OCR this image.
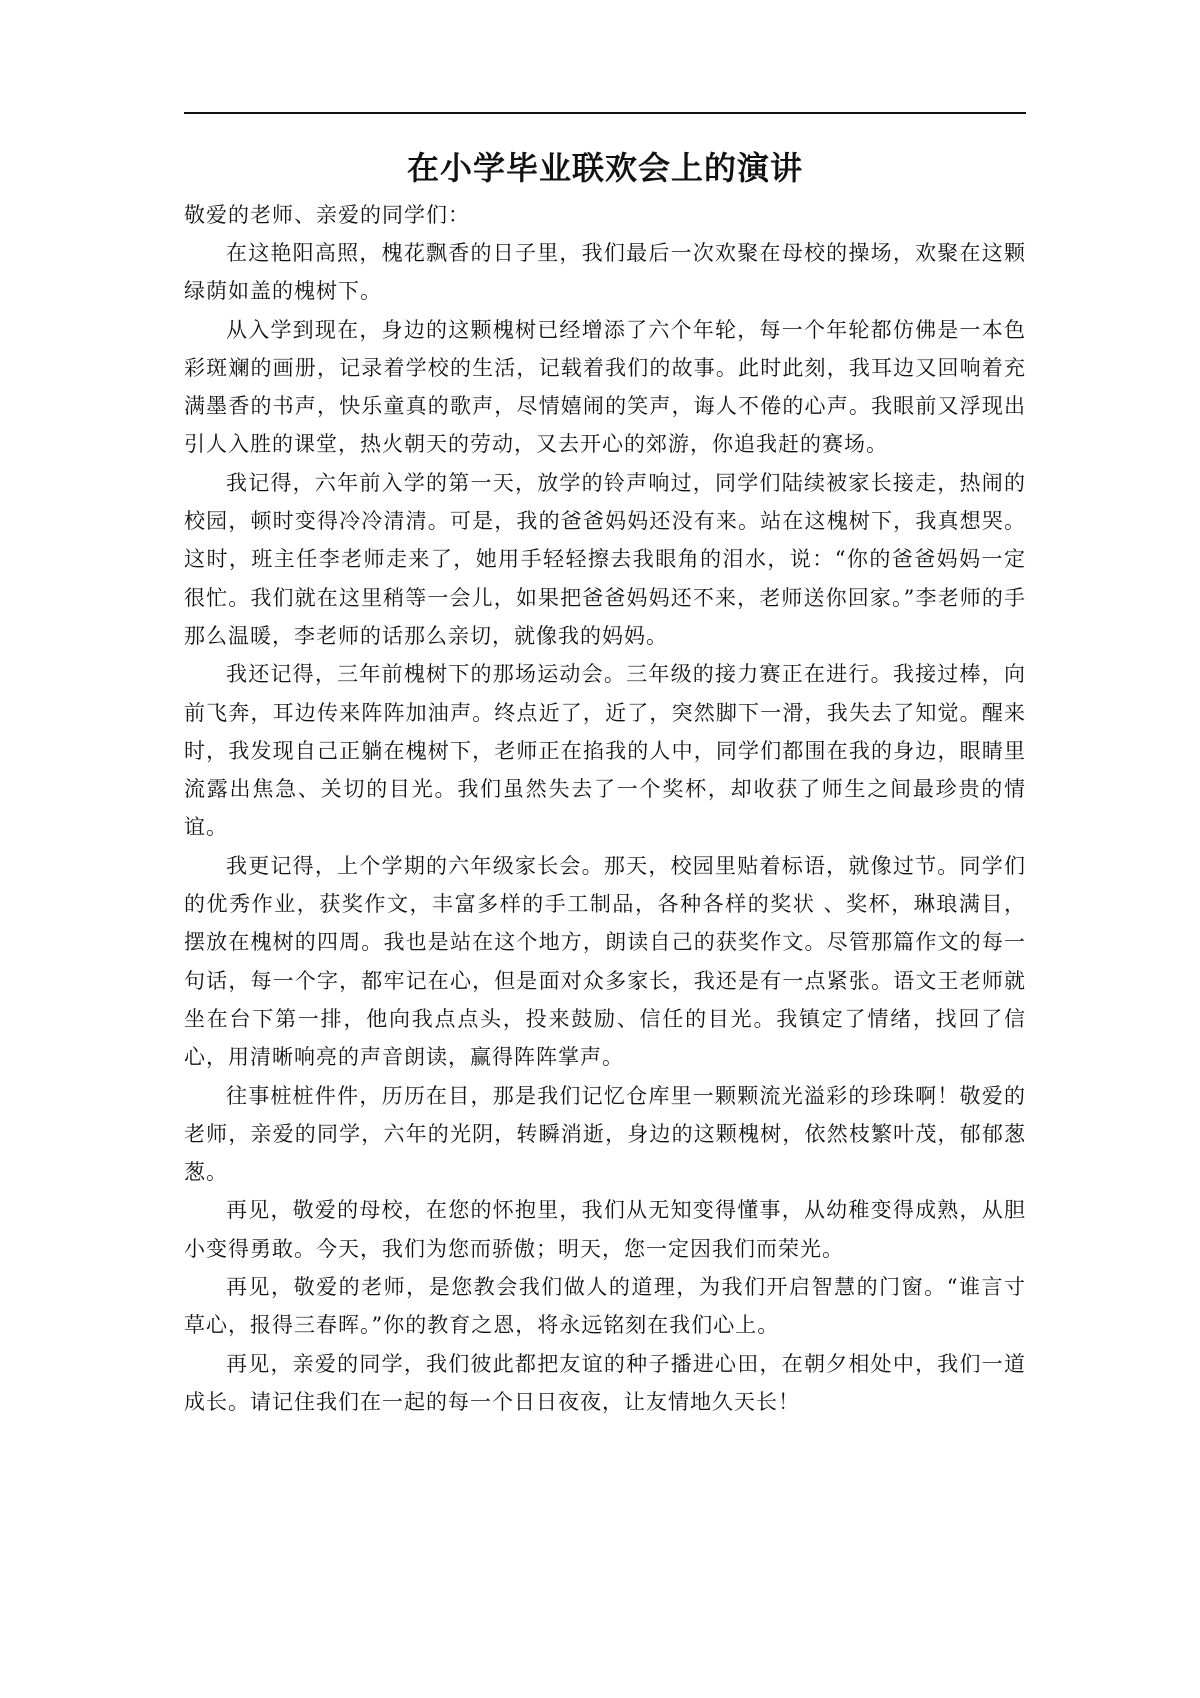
在小学毕业联欢会上的演讲

敬爱的老师、亲爱的同学们：

在这艳阳高照，槐花飘香的日子里，我们最后一次欢聚在母校的操场，欢聚在这颗绿荫如盖的槐树下。

从入学到现在，身边的这颗槐树已经增添了六个年轮，每一个年轮都仿佛是一本色彩斑斓的画册，记录着学校的生活，记载着我们的故事。此时此刻，我耳边又回响着充满墨香的书声，快乐童真的歌声，尽情嬉闹的笑声，诲人不倦的心声。我眼前又浮现出引人入胜的课堂，热火朝天的劳动，又去开心的郊游，你追我赶的赛场。

我记得，六年前入学的第一天，放学的铃声响过，同学们陆续被家长接走，热闹的校园，顿时变得冷冷清清。可是，我的爸爸妈妈还没有来。站在这槐树下，我真想哭。这时，班主任李老师走来了，她用手轻轻擦去我眼角的泪水，说：“你的爸爸妈妈一定很忙。我们就在这里稍等一会儿，如果把爸爸妈妈还不来，老师送你回家。”李老师的手那么温暖，李老师的话那么亲切，就像我的妈妈。

我还记得，三年前槐树下的那场运动会。三年级的接力赛正在进行。我接过棒，向前飞奔，耳边传来阵阵加油声。终点近了，近了，突然脚下一滑，我失去了知觉。醒来时，我发现自己正躺在槐树下，老师正在掐我的人中，同学们都围在我的身边，眼睛里流露出焦急、关切的目光。我们虽然失去了一个奖杯，却收获了师生之间最珍贵的情谊。

我更记得，上个学期的六年级家长会。那天，校园里贴着标语，就像过节。同学们的优秀作业，获奖作文，丰富多样的手工制品，各种各样的奖状 、奖杯，琳琅满目，摆放在槐树的四周。我也是站在这个地方，朗读自己的获奖作文。尽管那篇作文的每一句话，每一个字，都牢记在心，但是面对众多家长，我还是有一点紧张。语文王老师就坐在台下第一排，他向我点点头，投来鼓励、信任的目光。我镇定了情绪，找回了信心，用清晰响亮的声音朗读，赢得阵阵掌声。

往事桩桩件件，历历在目，那是我们记忆仓库里一颗颗流光溢彩的珍珠啊！敬爱的老师，亲爱的同学，六年的光阴，转瞬消逝，身边的这颗槐树，依然枝繁叶茂，郁郁葱葱。

再见，敬爱的母校，在您的怀抱里，我们从无知变得懂事，从幼稚变得成熟，从胆小变得勇敢。今天，我们为您而骄傲；明天，您一定因我们而荣光。

再见，敬爱的老师，是您教会我们做人的道理，为我们开启智慧的门窗。“谁言寸草心，报得三春晖。”你的教育之恩，将永远铭刻在我们心上。

再见，亲爱的同学，我们彼此都把友谊的种子播进心田，在朝夕相处中，我们一道成长。请记住我们在一起的每一个日日夜夜，让友情地久天长！
